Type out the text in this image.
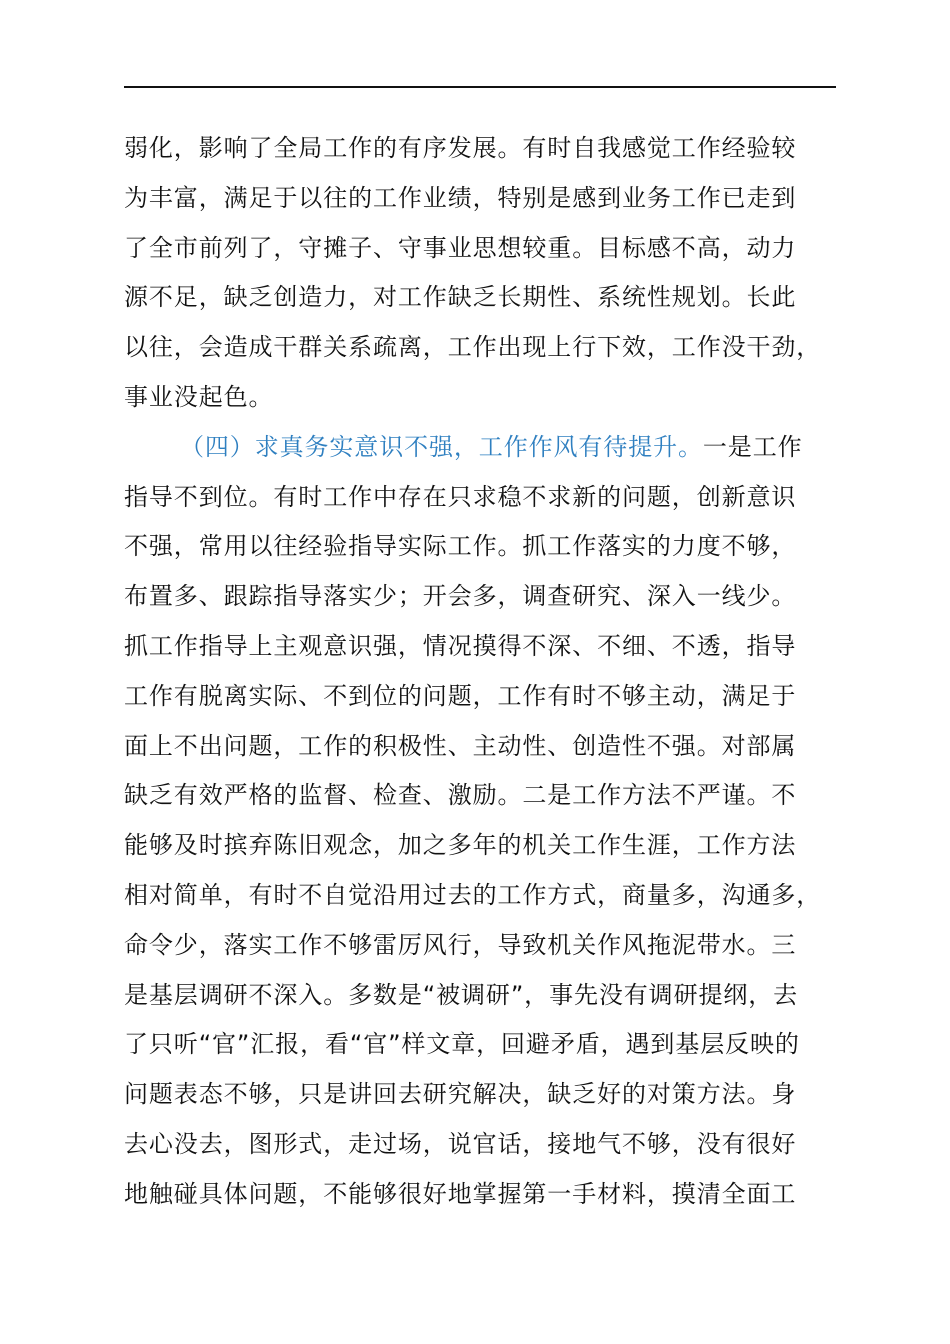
弱化，影响了全局工作的有序发展。有时自我感觉工作经验较
为丰富，满足于以往的工作业绩，特别是感到业务工作已走到
了全市前列了，守摊子、守事业思想较重。目标感不高，动力
源不足，缺乏创造力，对工作缺乏长期性、系统性规划。长此
以往，会造成干群关系疏离，工作出现上行下效，工作没干劲，
事业没起色。
（四）求真务实意识不强，工作作风有待提升。一是工作
指导不到位。有时工作中存在只求稳不求新的问题，创新意识
不强，常用以往经验指导实际工作。抓工作落实的力度不够，
布置多、跟踪指导落实少；开会多，调查研究、深入一线少。
抓工作指导上主观意识强，情况摸得不深、不细、不透，指导
工作有脱离实际、不到位的问题，工作有时不够主动，满足于
面上不出问题，工作的积极性、主动性、创造性不强。对部属
缺乏有效严格的监督、检查、激励。二是工作方法不严谨。不
能够及时摈弃陈旧观念，加之多年的机关工作生涯，工作方法
相对简单，有时不自觉沿用过去的工作方式，商量多，沟通多，
命令少，落实工作不够雷厉风行，导致机关作风拖泥带水。三
是基层调研不深入。多数是“被调研”，事先没有调研提纲，去
了只听“官”汇报，看“官”样文章，回避矛盾，遇到基层反映的
问题表态不够，只是讲回去研究解决，缺乏好的对策方法。身
去心没去，图形式，走过场，说官话，接地气不够，没有很好
地触碰具体问题，不能够很好地掌握第一手材料，摸清全面工
